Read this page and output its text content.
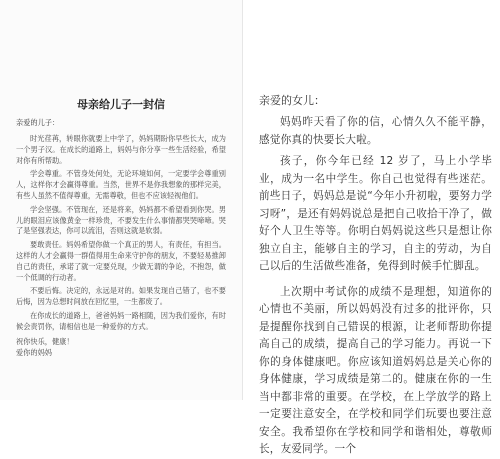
母亲给儿子一封信
亲爱的儿子：

时光荏苒，转眼你就要上中学了，妈妈期盼你早些长大，成为一个男子汉。在成长的道路上，妈妈与你分享一些生活经验，希望对你有所帮助。

学会尊重。不管身处何处，无论环境如何，一定要学会尊重别人，这样你才会赢得尊重。当然，世界不是你我想象的那样完美，有些人虽然不值得尊重，无需尊敬，但也不应该轻视他们。

学会坚强。不管现在，还是将来，妈妈都不希望看到你哭。男儿的眼泪应该像黄金一样珍贵，不要发生什么事情都哭哭啼啼。哭了是坚强表达，你可以流泪，否则这就是软弱。

要敢责任。妈妈希望你做一个真正的男人，有责任，有担当。这样的人才会赢得一群值得用生命来守护你的朋友，不要轻易推卸自己的责任，承诺了就一定要兑现，少做无谓的争论，不抱怨，做一个低调的行动者。

不要后悔。决定的，永远是对的。如果发现自己错了，也不要后悔，因为总想时间放在回忆里，一生都废了。

在你成长的道路上，爸爸妈妈一路相随，因为我们爱你，有时候会责罚你，请相信也是一种爱你的方式。

祝你快乐，健康！

爱你的妈妈

亲爱的女儿：

妈妈昨天看了你的信，心情久久不能平静，感觉你真的快要长大啦。

孩子，你今年已经 12 岁了，马上小学毕业，成为一名中学生。你自己也觉得有些迷茫。前些日子，妈妈总是说“今年小升初啦，要努力学习呀”，是还有妈妈说总是把自己收拾干净了，做好个人卫生等等。你明白妈妈说这些只是想让你独立自主，能够自主的学习，自主的劳动，为自己以后的生活做些准备，免得到时候手忙脚乱。

上次期中考试你的成绩不是理想，知道你的心情也不美丽，所以妈妈没有过多的批评你，只是提醒你找到自己错误的根源，让老师帮助你提高自己的成绩，提高自己的学习能力。再说一下你的身体健康吧。你应该知道妈妈总是关心你的身体健康，学习成绩是第二的。健康在你的一生当中都非常的重要。在学校，在上学放学的路上一定要注意安全，在学校和同学们玩要也要注意安全。我希望你在学校和同学和谐相处，尊敬师长，友爱同学。一个
